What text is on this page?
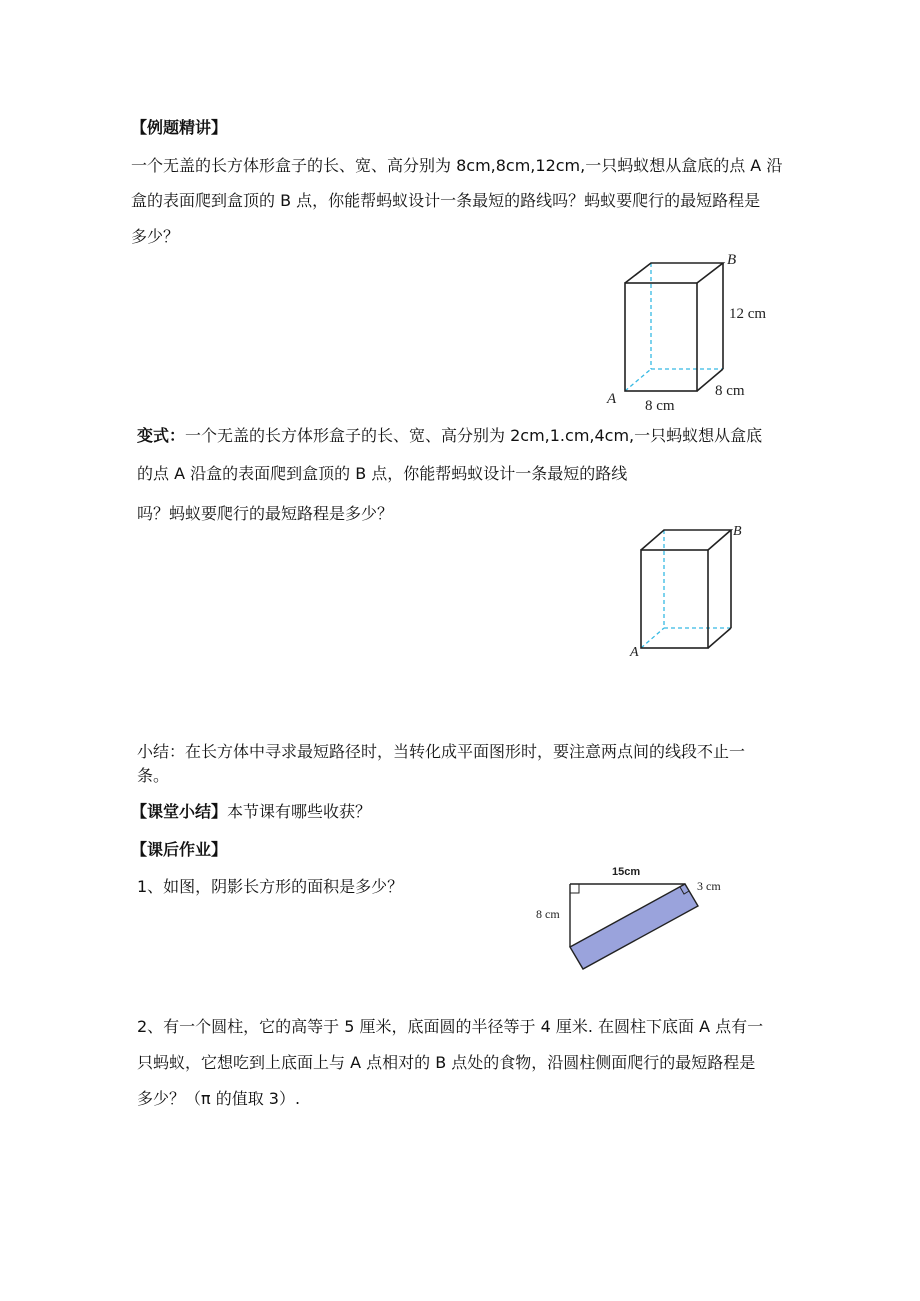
【例题精讲】
一个无盖的长方体形盒子的长、宽、高分别为 8cm,8cm,12cm,一只蚂蚁想从盒底的点 A 沿
盒的表面爬到盒顶的 B 点，你能帮蚂蚁设计一条最短的路线吗？蚂蚁要爬行的最短路程是
多少？
A
B
12 cm
8 cm
8 cm
变式：一个无盖的长方体形盒子的长、宽、高分别为 2cm,1.cm,4cm,一只蚂蚁想从盒底
的点 A 沿盒的表面爬到盒顶的 B 点，你能帮蚂蚁设计一条最短的路线
吗？蚂蚁要爬行的最短路程是多少？
A
B
小结：在长方体中寻求最短路径时，当转化成平面图形时，要注意两点间的线段不止一
条。
【课堂小结】本节课有哪些收获？
【课后作业】
1、如图，阴影长方形的面积是多少？
15cm
8 cm
3 cm
2、有一个圆柱，它的高等于 5 厘米，底面圆的半径等于 4 厘米. 在圆柱下底面 A 点有一
只蚂蚁，它想吃到上底面上与 A 点相对的 B 点处的食物，沿圆柱侧面爬行的最短路程是
多少？（π 的值取 3）.
